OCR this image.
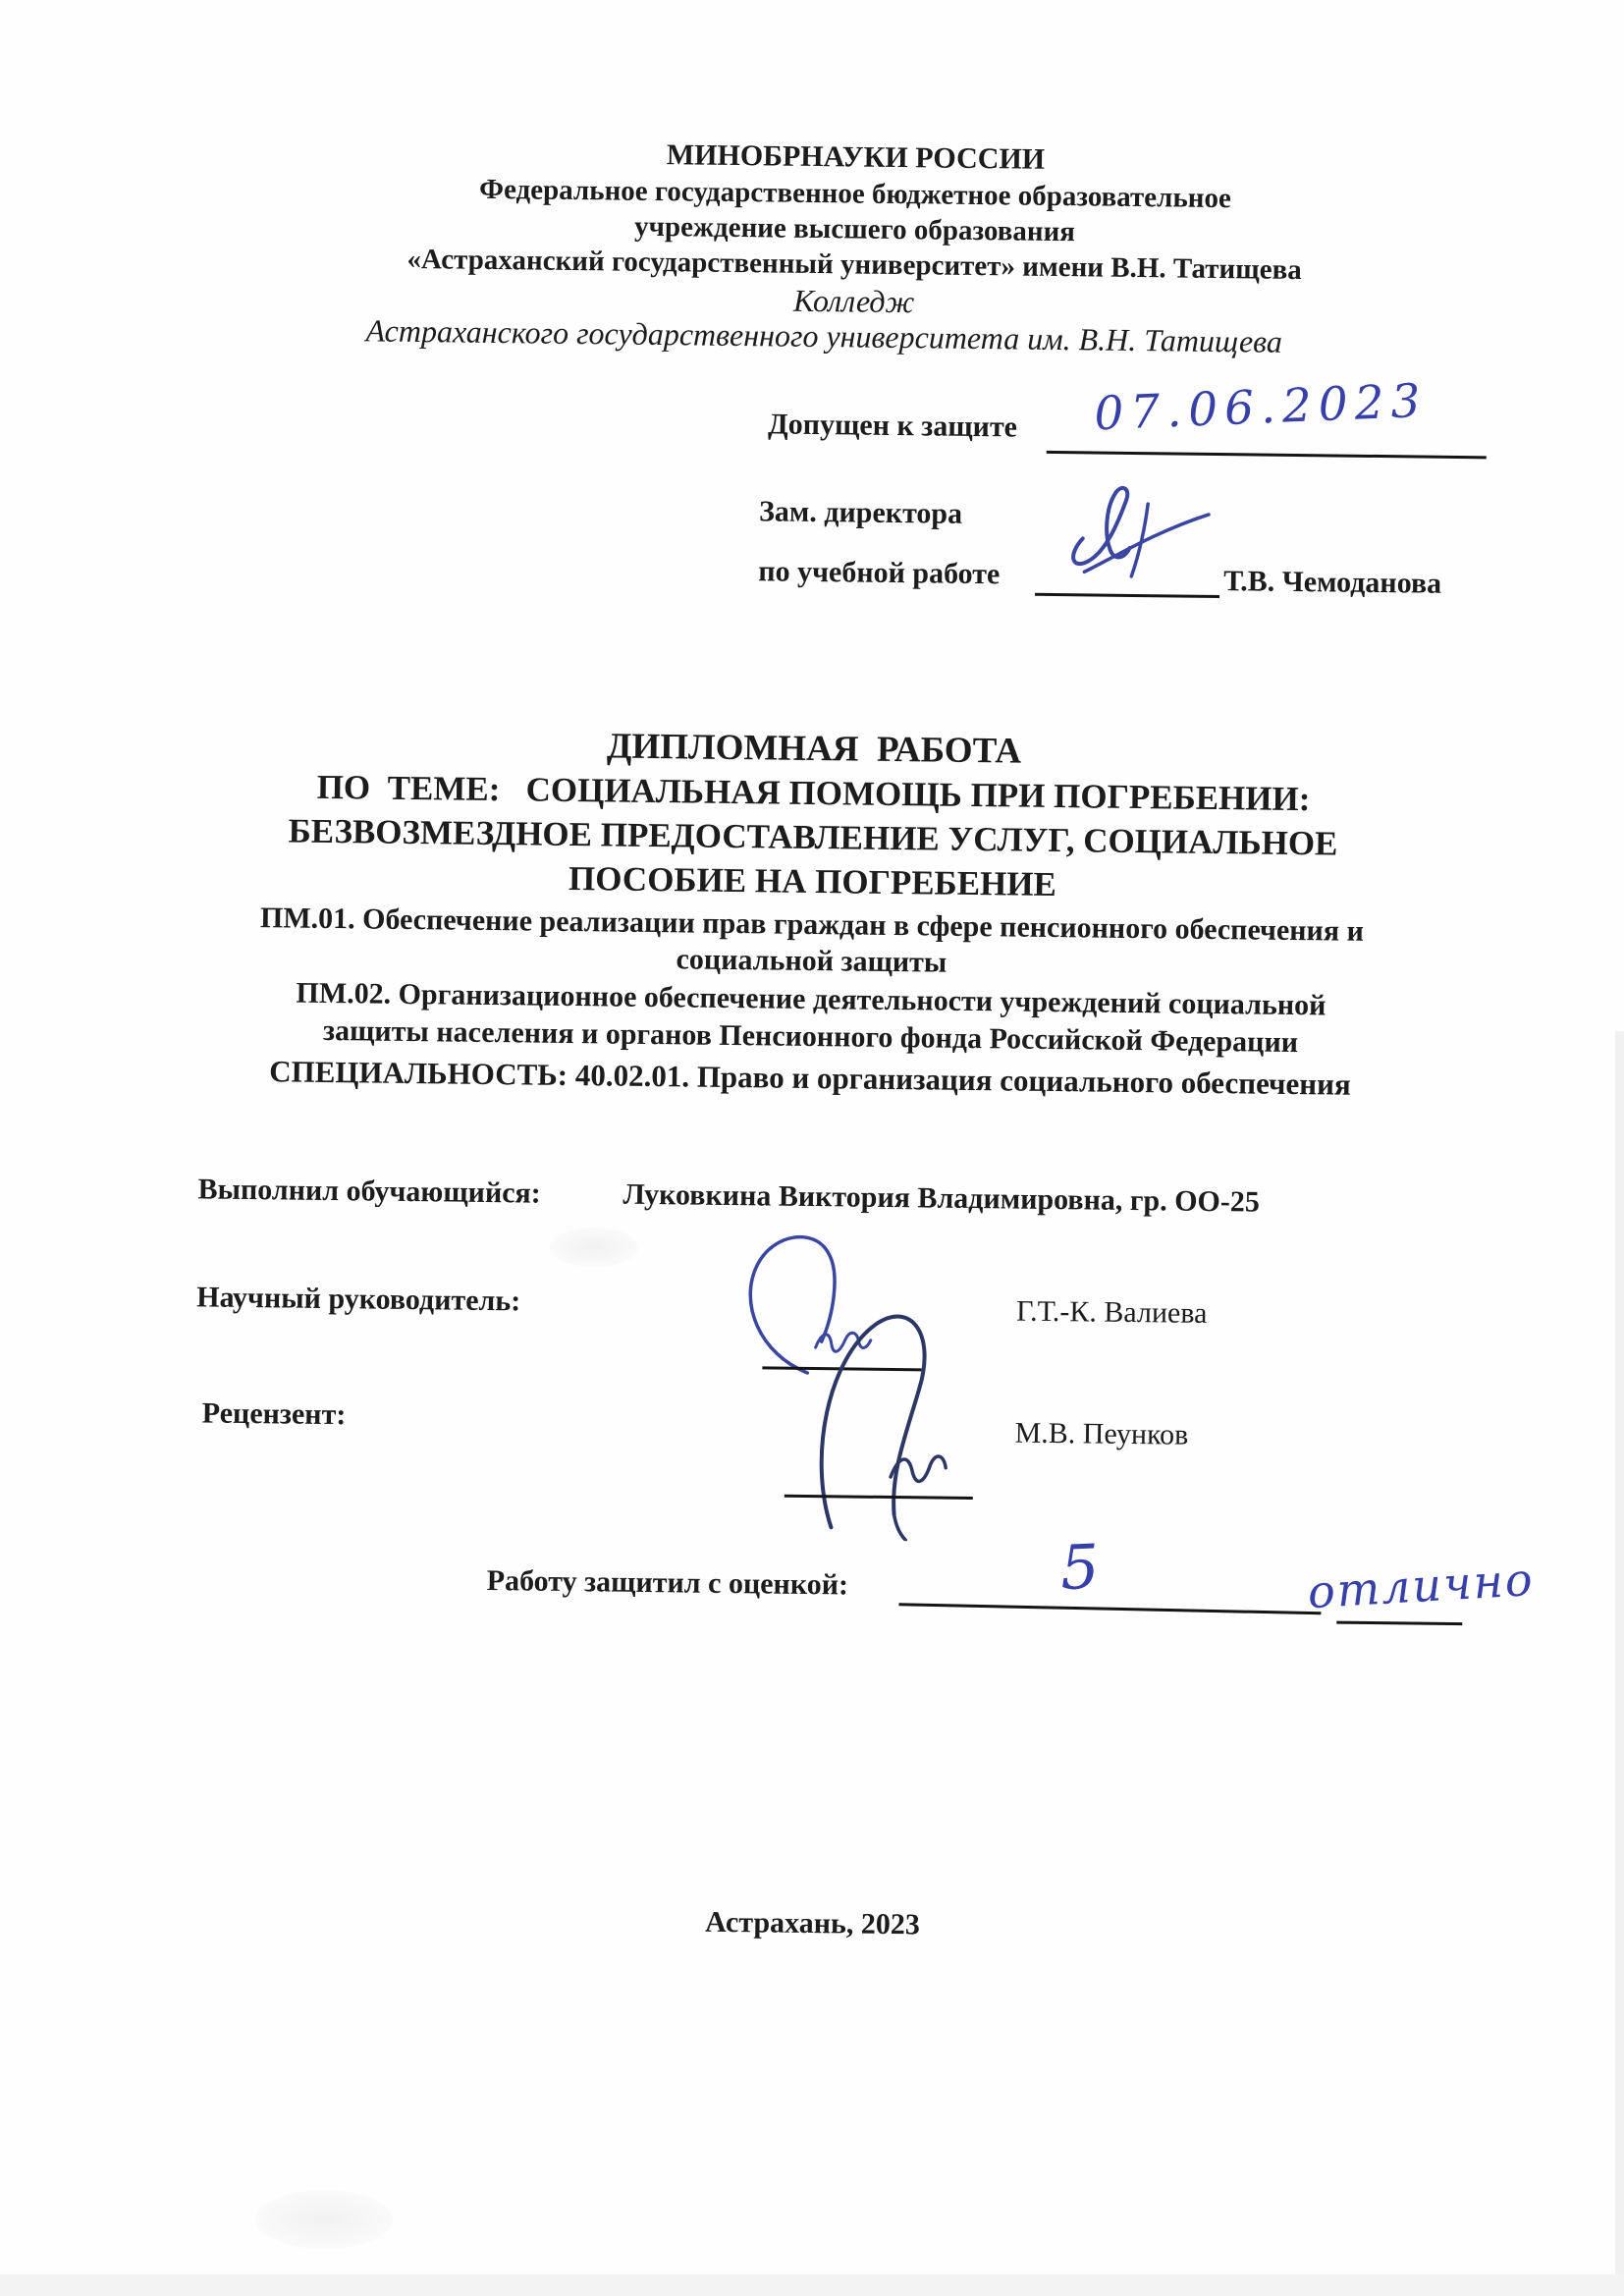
МИНОБРНАУКИ РОССИИ
Федеральное государственное бюджетное образовательное
учреждение высшего образования
«Астраханский государственный университет» имени В.Н. Татищева
Колледж
Астраханского государственного университета им. В.Н. Татищева
Допущен к защите 07.06.2023
Зам. директора
по учебной работе	Т.В. Чемоданова
ДИПЛОМНАЯ  РАБОТА
ПО  ТЕМЕ:   СОЦИАЛЬНАЯ ПОМОЩЬ ПРИ ПОГРЕБЕНИИ:
БЕЗВОЗМЕЗДНОЕ ПРЕДОСТАВЛЕНИЕ УСЛУГ, СОЦИАЛЬНОЕ
ПОСОБИЕ НА ПОГРЕБЕНИЕ
ПМ.01. Обеспечение реализации прав граждан в сфере пенсионного обеспечения и
социальной защиты
ПМ.02. Организационное обеспечение деятельности учреждений социальной
защиты населения и органов Пенсионного фонда Российской Федерации
СПЕЦИАЛЬНОСТЬ: 40.02.01. Право и организация социального обеспечения
Выполнил обучающийся:	Луковкина Виктория Владимировна, гр. ОО-25
Научный руководитель:	Г.Т.-К. Валиева
Рецензент:
М.В. Пеунков
Работу защитил с оценкой:	5	отлично
Астрахань, 2023
